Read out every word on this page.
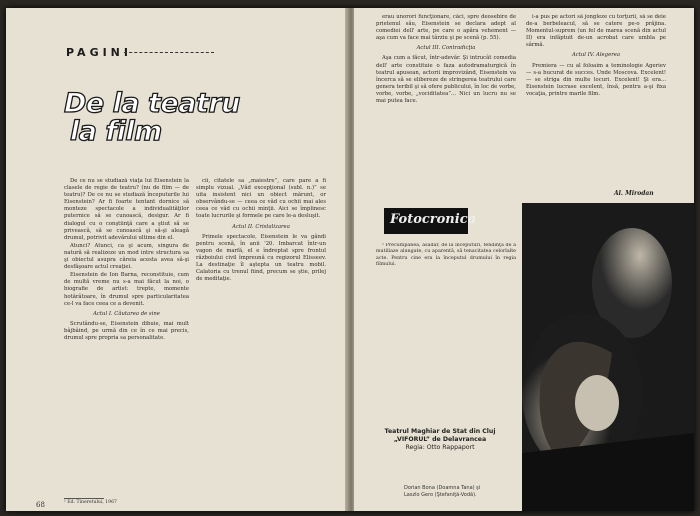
PAGINI
De la teatru
la film

De ce nu se studiază viaţa lui Eisenstein la clasele de regie de teatru? (nu de film — de teatru)? De ce nu se studiază începuturile lui Eisenstein? Ar fi foarte tentant dornice să monteze spectacole a individualităţilor puternice să se cunoască, desigur. Ar fi dialogul cu o conştiinţă care a ştiut să se privească, să se cunoască şi să-şi aleagă drumul, potrivit adevărului ultime din el.

Atunci? Atunci, ca şi acum, singura de natură să realizeze un mod intre structura sa şi obiectul asupra căreia acesta avea să-şi desfăşoare actul creaţiei.

Eisenstein de Ion Barna, reconstituie, cum de multă vreme nu s-a mai făcut la noi, o biografie de artist: trepte, momente hotărâtoare, în drumul spre particularitatea ce-l va face ceea ce a devenit.

Actul I. Căutarea de sine

Scrutându-se, Eisenstein dibuie, mai mult bâjbâind, pe urmă din ce în ce mai precis, drumul spre propria sa personalitate.

cii, citatele sa „maiestre”, care pare a fi simplu vizual. „Văd excepţional (subl. n.)” se uita insistent nici un obiect mărunt, or observându-se — ceea ce văd cu ochii mai ales ceea ce văd cu ochii minţii. Aici se împlinesc toate lucrurile şi formele pe care le-a desluşit.

Actul II. Cristalizarea

Primele spectacole, Eisenstein le va gândi pentru scenă, în anii '20. Imbarcat într-un vagon de marfă, el e îndreptat spre frontul războiului civil împreună cu regizorul Elisseev. La destinaţie îl aştepta un teatru mobil. Calatoria cu trenul fiind, precum se ştie, prilej de meditaţie.

¹ Ed. Tineretului, 1967
68

erau unorori funcţionare, căci, spre deosebire de prietenul său, Eisenstein se declara adept al comediei dell' arte, pe care o apăra vehement — aşa cum va face mai târziu şi pe scenă (p. 55).

Actul III. Contradicţia

Aşa cum a făcut, într-adevăr. Şi intrucât comedia dell' arte constituie o faza autodramaturgică în teatrul apusean, actorii improvizând, Eisenstein va încerca să se elibereze de stringerea teatrului care genera teribil şi să ofere publicului, în loc de vorbe, vorbe, vorbe, „vociditatea”... Nici un lucru nu se mai putea face.

i-a pus pe actori să jongleze cu torţurii, să se deie de-a berbeleacul, să se catere pe-o prăjina. Momentul-suprem (un fel de marea scenă din actul II) era infăptuit de-un acrobat care umbla pe sârmă.

Actul IV. Alegerea

Premiera — cu al foloaim a teminologie Ageriev — s-a bucurat de succes. Unde Moscova. Excelent! — se striga din multe locuri. Excelent! Şi era... Eisenstein lucrase excelent, însă, pentru a-şi fixa vocaţia, printre marile film.

Al. Mirodan
Fotocronica

² Precumpănea, asadar, de la începuturi, tendinţa de a mutiliaze alungate, cu aparentă, să tenacitatea celorlalte acte. Pentru cine era la începutul drumului în regia filmului.

Teatrul Maghiar de Stat din Cluj
„VIFORUL” de Delavrancea
Regia: Otto Rappaport
Dorian Bona (Doamna Tana) şi
Laszlo Gero (Ştefaniţă-Vodă).
